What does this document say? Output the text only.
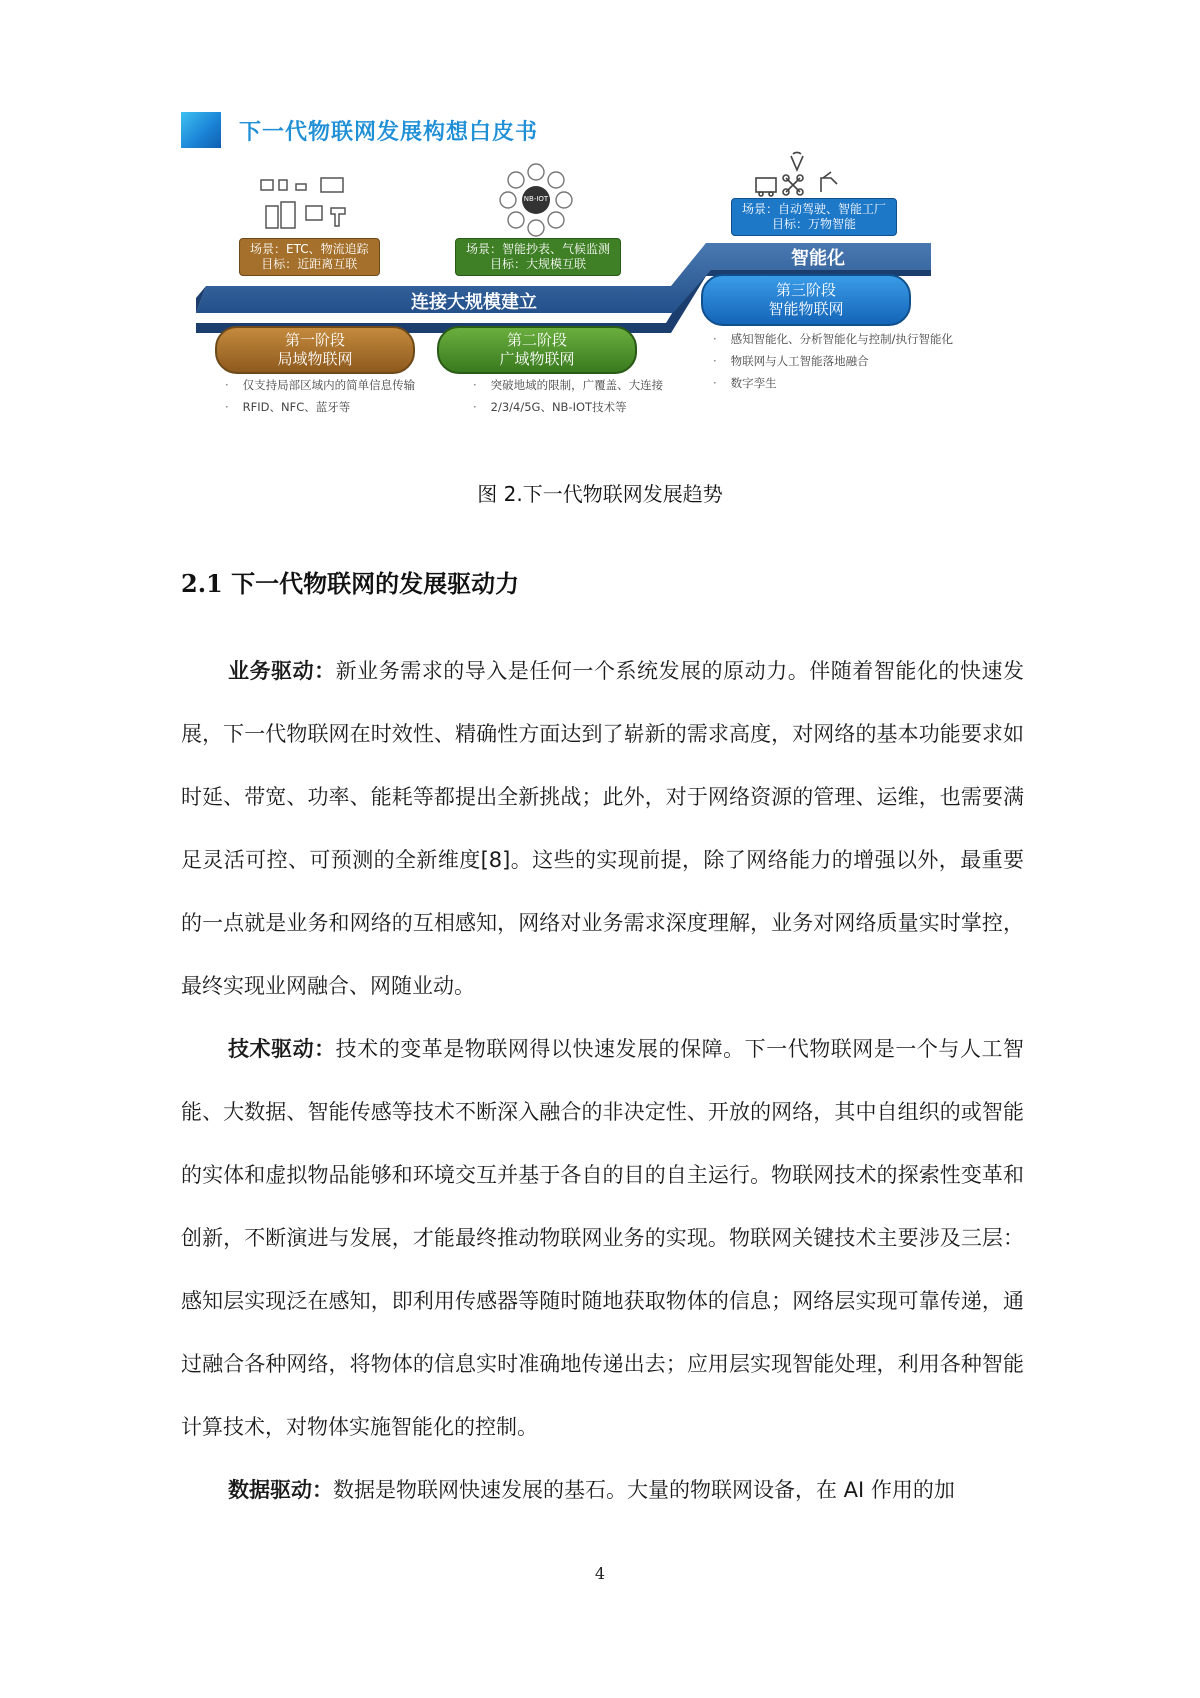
下一代物联网发展构想白皮书
NB-IOT
场景：ETC、物流追踪
目标：近距离互联
场景：智能抄表、气候监测
目标：大规模互联
场景：自动驾驶、智能工厂
目标：万物智能
连接大规模建立
智能化
第一阶段
局域物联网
第二阶段
广域物联网
第三阶段
智能物联网
· 仅支持局部区域内的简单信息传输
· RFID、NFC、蓝牙等
· 突破地域的限制，广覆盖、大连接
· 2/3/4/5G、NB-IOT技术等
· 感知智能化、分析智能化与控制/执行智能化
· 物联网与人工智能落地融合
· 数字孪生
图 2.下一代物联网发展趋势
2.1 下一代物联网的发展驱动力

业务驱动：新业务需求的导入是任何一个系统发展的原动力。伴随着智能化的快速发展，下一代物联网在时效性、精确性方面达到了崭新的需求高度，对网络的基本功能要求如时延、带宽、功率、能耗等都提出全新挑战；此外，对于网络资源的管理、运维，也需要满足灵活可控、可预测的全新维度[8]。这些的实现前提，除了网络能力的增强以外，最重要的一点就是业务和网络的互相感知，网络对业务需求深度理解，业务对网络质量实时掌控，最终实现业网融合、网随业动。

技术驱动：技术的变革是物联网得以快速发展的保障。下一代物联网是一个与人工智能、大数据、智能传感等技术不断深入融合的非决定性、开放的网络，其中自组织的或智能的实体和虚拟物品能够和环境交互并基于各自的目的自主运行。物联网技术的探索性变革和创新，不断演进与发展，才能最终推动物联网业务的实现。物联网关键技术主要涉及三层：感知层实现泛在感知，即利用传感器等随时随地获取物体的信息；网络层实现可靠传递，通过融合各种网络，将物体的信息实时准确地传递出去；应用层实现智能处理，利用各种智能计算技术，对物体实施智能化的控制。

数据驱动：数据是物联网快速发展的基石。大量的物联网设备，在 AI 作用的加

4
